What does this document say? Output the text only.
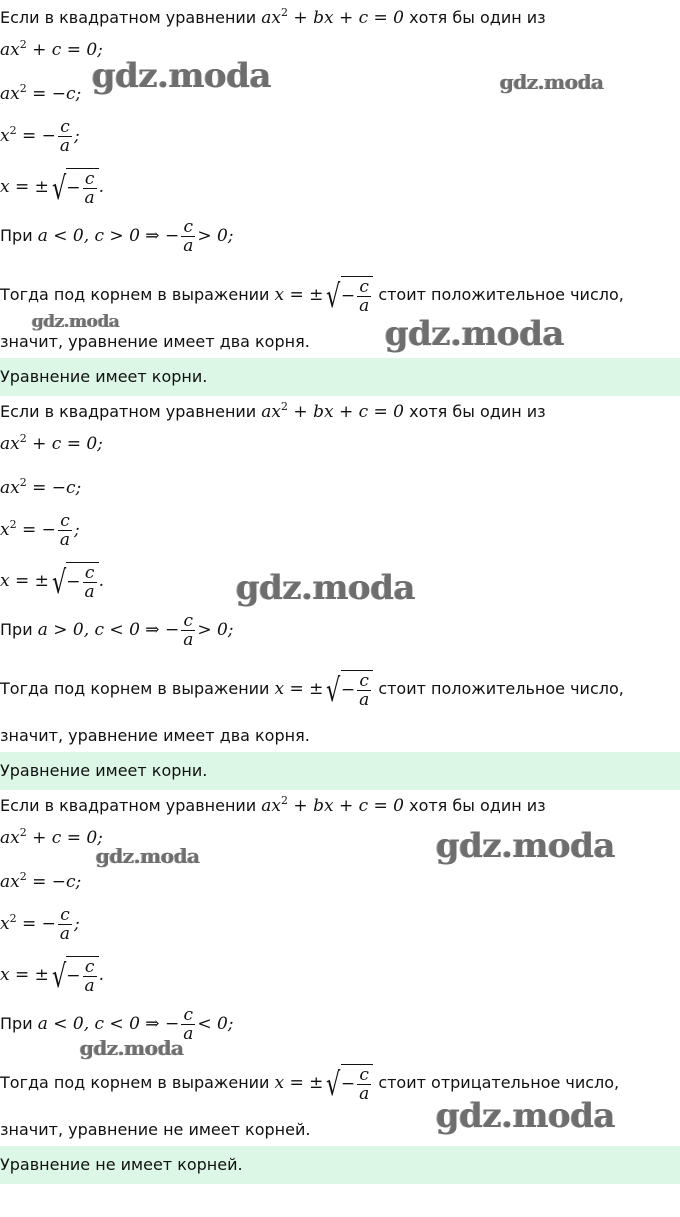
Если в квадратном уравнении $ax^2$ + bx + c = 0 хотя бы один из
$ax^2 + c = 0$;
$ax^2 = -c$;
$x^2$ = − $\frac{c}{a}$ ;
x = ±√− $\frac{c}{a}$ .
При a < 0, c > 0 ⇒ − $\frac{c}{a} > 0$;
Тогда под корнем в выражении x = ±√− $\frac{c}{a}$ стоит положительное число,
значит, уравнение имеет два корня.
Уравнение имеет корни.
Если в квадратном уравнении $ax^2$ + bx + c = 0 хотя бы один из
$ax^2 + c = 0$;
$ax^2 = -c$;
$x^2$ = − $\frac{c}{a}$ ;
x = ±√− $\frac{c}{a}$ .
При a > 0, c < 0 ⇒ − $\frac{c}{a} > 0$;
Тогда под корнем в выражении x = ±√− $\frac{c}{a}$ стоит положительное число,
значит, уравнение имеет два корня.
Уравнение имеет корни.
Если в квадратном уравнении $ax^2$ + bx + c = 0 хотя бы один из
$ax^2 + c = 0$;
$ax^2 = -c$;
$x^2$ = − $\frac{c}{a}$ ;
x = ±√− $\frac{c}{a}$ .
При a < 0, c < 0 ⇒ − $\frac{c}{a} < 0$;
Тогда под корнем в выражении x = ±√− $\frac{c}{a}$ стоит отрицательное число,
значит, уравнение не имеет корней.
Уравнение не имеет корней.
gdz.moda	gdz.moda
gdz.moda	gdz.moda
gdz.moda
gdz.moda
gdz.moda
gdz.moda
gdz.moda
